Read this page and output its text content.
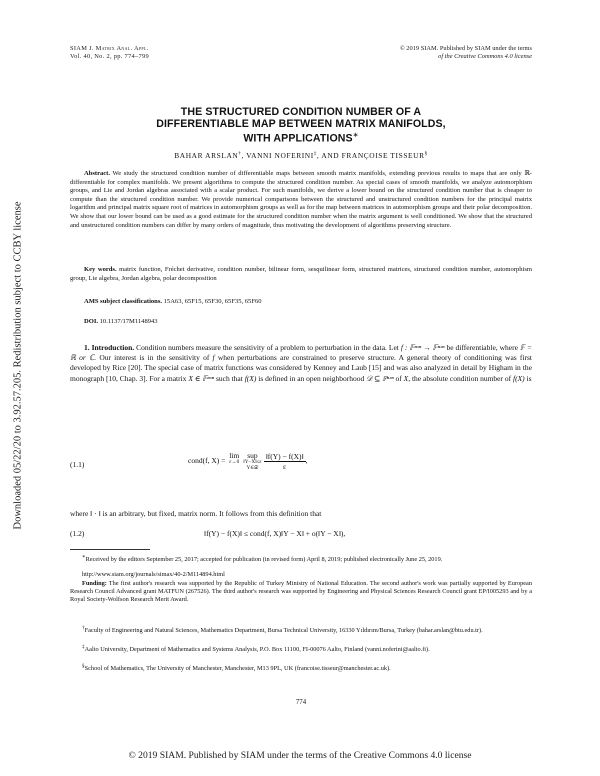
Downloaded 05/22/20 to 3.92.57.205. Redistribution subject to CCBY license
SIAM J. Matrix Anal. Appl.
Vol. 40, No. 2, pp. 774–799
© 2019 SIAM. Published by SIAM under the terms
of the Creative Commons 4.0 license
THE STRUCTURED CONDITION NUMBER OF A
DIFFERENTIABLE MAP BETWEEN MATRIX MANIFOLDS,
WITH APPLICATIONS∗
BAHAR ARSLAN†, VANNI NOFERINI‡, AND FRANÇOISE TISSEUR§
Abstract. We study the structured condition number of differentiable maps between smooth matrix manifolds, extending previous results to maps that are only ℝ-differentiable for complex manifolds. We present algorithms to compute the structured condition number. As special cases of smooth manifolds, we analyze automorphism groups, and Lie and Jordan algebras associated with a scalar product. For such manifolds, we derive a lower bound on the structured condition number that is cheaper to compute than the structured condition number. We provide numerical comparisons between the structured and unstructured condition numbers for the principal matrix logarithm and principal matrix square root of matrices in automorphism groups as well as for the map between matrices in automorphism groups and their polar decomposition. We show that our lower bound can be used as a good estimate for the structured condition number when the matrix argument is well conditioned. We show that the structured and unstructured condition numbers can differ by many orders of magnitude, thus motivating the development of algorithms preserving structure.
Key words. matrix function, Fréchet derivative, condition number, bilinear form, sesquilinear form, structured matrices, structured condition number, automorphism group, Lie algebra, Jordan algebra, polar decomposition
AMS subject classifications. 15A63, 65F15, 65F30, 65F35, 65F60
DOI. 10.1137/17M1148943
1. Introduction. Condition numbers measure the sensitivity of a problem to perturbation in the data. Let f : 𝔽ⁿˣⁿ → 𝔽ⁿˣⁿ be differentiable, where 𝔽 = ℝ or ℂ. Our interest is in the sensitivity of f when perturbations are constrained to preserve structure. A general theory of conditioning was first developed by Rice [20]. The special case of matrix functions was considered by Kenney and Laub [15] and was also analyzed in detail by Higham in the monograph [10, Chap. 3]. For a matrix X ∈ 𝔽ⁿˣⁿ such that f(X) is defined in an open neighborhood 𝒟 ⊆ 𝔽ⁿˣⁿ of X, the absolute condition number of f(X) is
(1.1)	cond(f, X) = lim
ε→0
sup
‖Y−X‖≤ε
Y∈𝒟 $\frac{‖f(Y) - f(X)‖}{\varepsilon}$ ,
where ‖ · ‖ is an arbitrary, but fixed, matrix norm. It follows from this definition that
(1.2)	‖f(Y) − f(X)‖ ≤ cond(f, X)‖Y − X‖ + o(‖Y − X‖),
∗Received by the editors September 25, 2017; accepted for publication (in revised form) April 8, 2019; published electronically June 25, 2019.
http://www.siam.org/journals/simax/40-2/M114894.html
Funding: The first author's research was supported by the Republic of Turkey Ministry of National Education. The second author's work was partially supported by European Research Council Advanced grant MATFUN (267526). The third author's research was supported by Engineering and Physical Sciences Research Council grant EP/I005293 and by a Royal Society-Wolfson Research Merit Award.
†Faculty of Engineering and Natural Sciences, Mathematics Department, Bursa Technical University, 16330 Yıldırım/Bursa, Turkey (bahar.arslan@btu.edu.tr).
‡Aalto University, Department of Mathematics and Systems Analysis, P.O. Box 11100, FI-00076 Aalto, Finland (vanni.noferini@aalto.fi).
§School of Mathematics, The University of Manchester, Manchester, M13 9PL, UK (francoise.tisseur@manchester.ac.uk).
774
© 2019 SIAM. Published by SIAM under the terms of the Creative Commons 4.0 license
